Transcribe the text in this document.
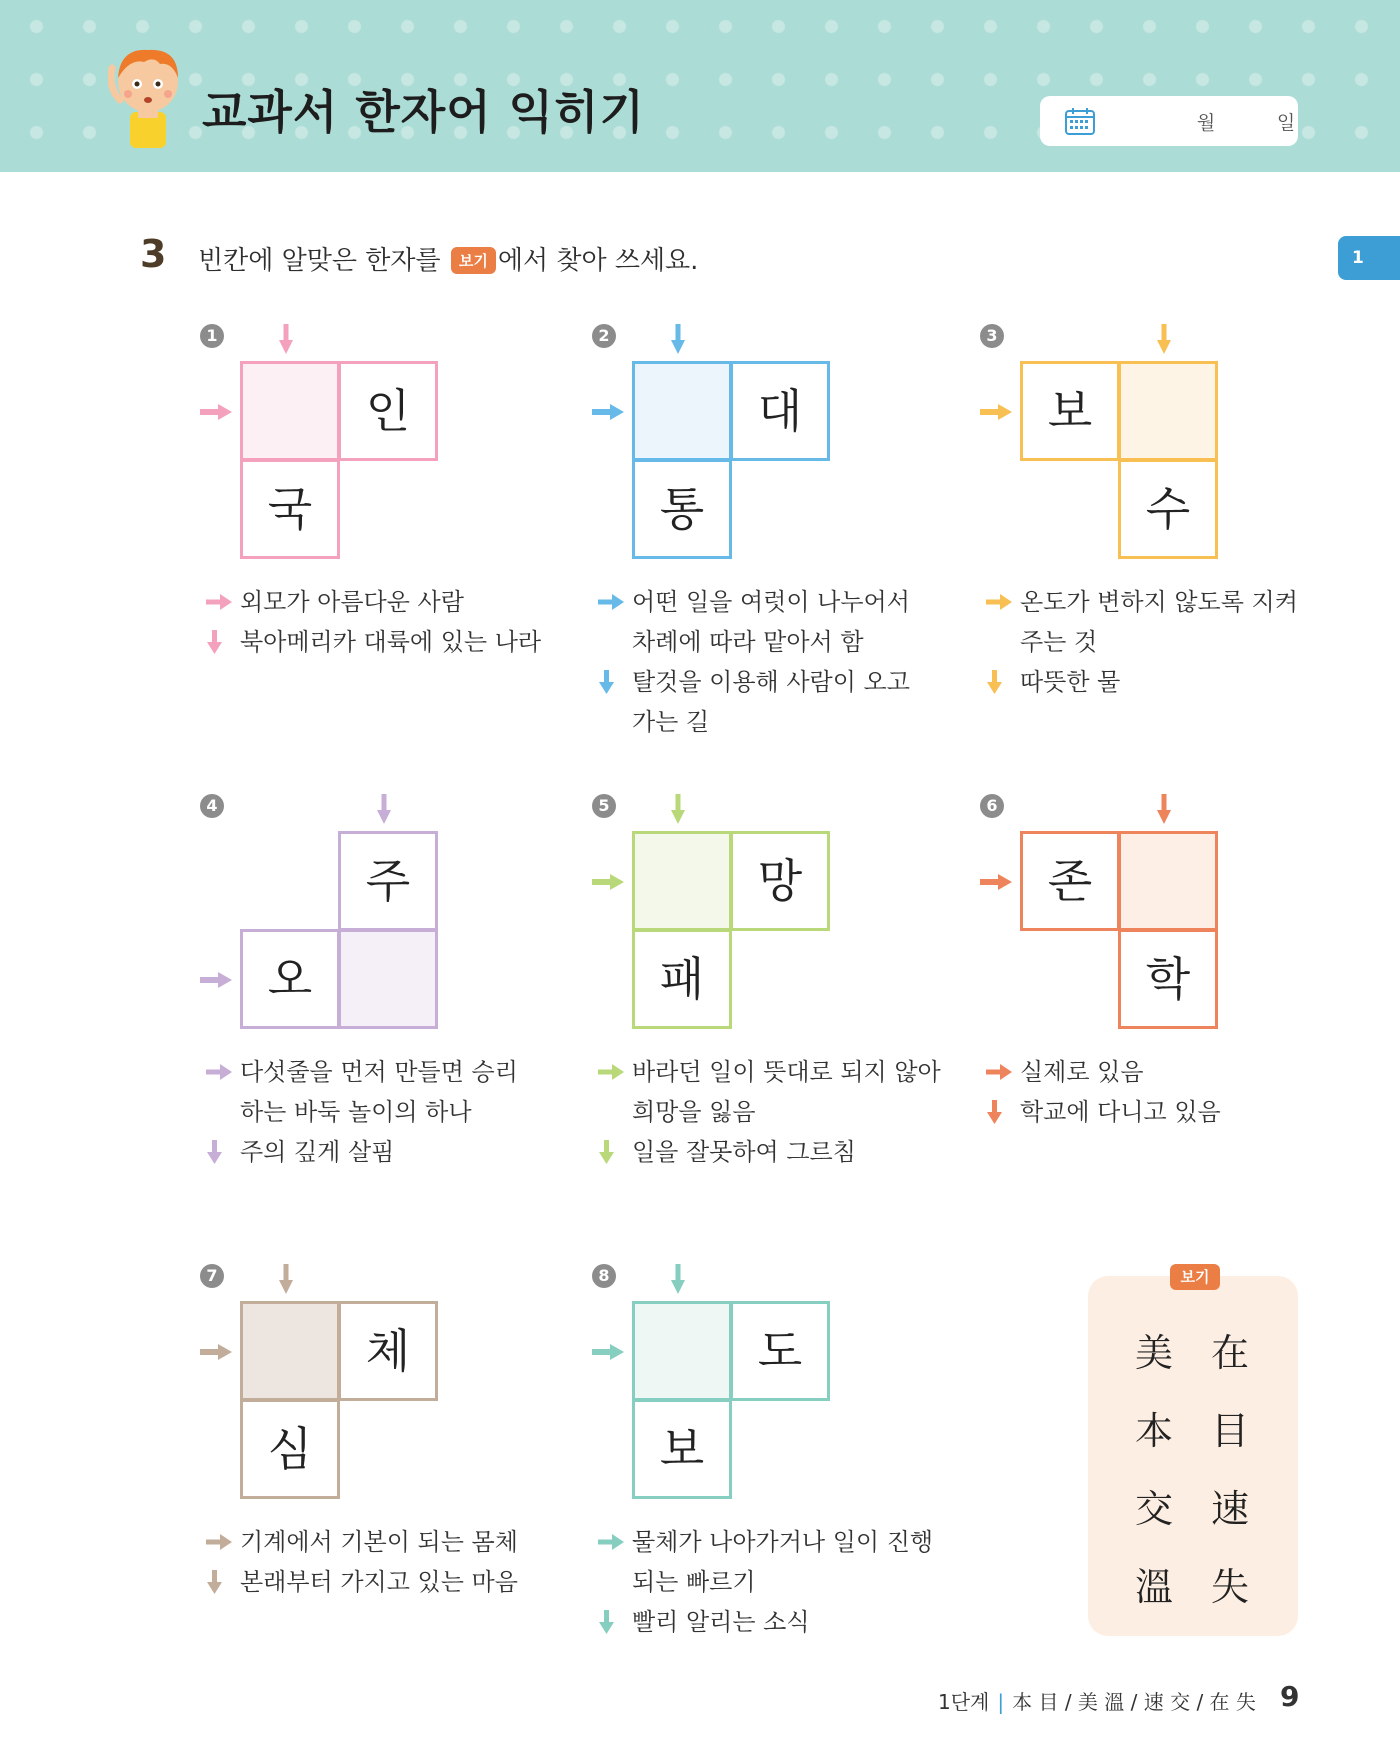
교과서 한자어 익히기	월	일
1
3 빈칸에 알맞은 한자를 보기 에서 찾아 쓰세요.
1
인
국
외모가 아름다운 사람
북아메리카 대륙에 있는 나라
2
대
통
어떤 일을 여럿이 나누어서
차례에 따라 맡아서 함
탈것을 이용해 사람이 오고
가는 길
3
보
수
온도가 변하지 않도록 지켜
주는 것
따뜻한 물
4
주
오
다섯줄을 먼저 만들면 승리
하는 바둑 놀이의 하나
주의 깊게 살핌
5
망
패
바라던 일이 뜻대로 되지 않아
희망을 잃음
일을 잘못하여 그르침
6
존
학
실제로 있음
학교에 다니고 있음
7
체
심
기계에서 기본이 되는 몸체
본래부터 가지고 있는 마음
8
도
보
물체가 나아가거나 일이 진행
되는 빠르기
빨리 알리는 소식
보기
美 在
本 目
交 速
溫 失
1단계 | 本 目 / 美 溫 / 速 交 / 在 失 9
